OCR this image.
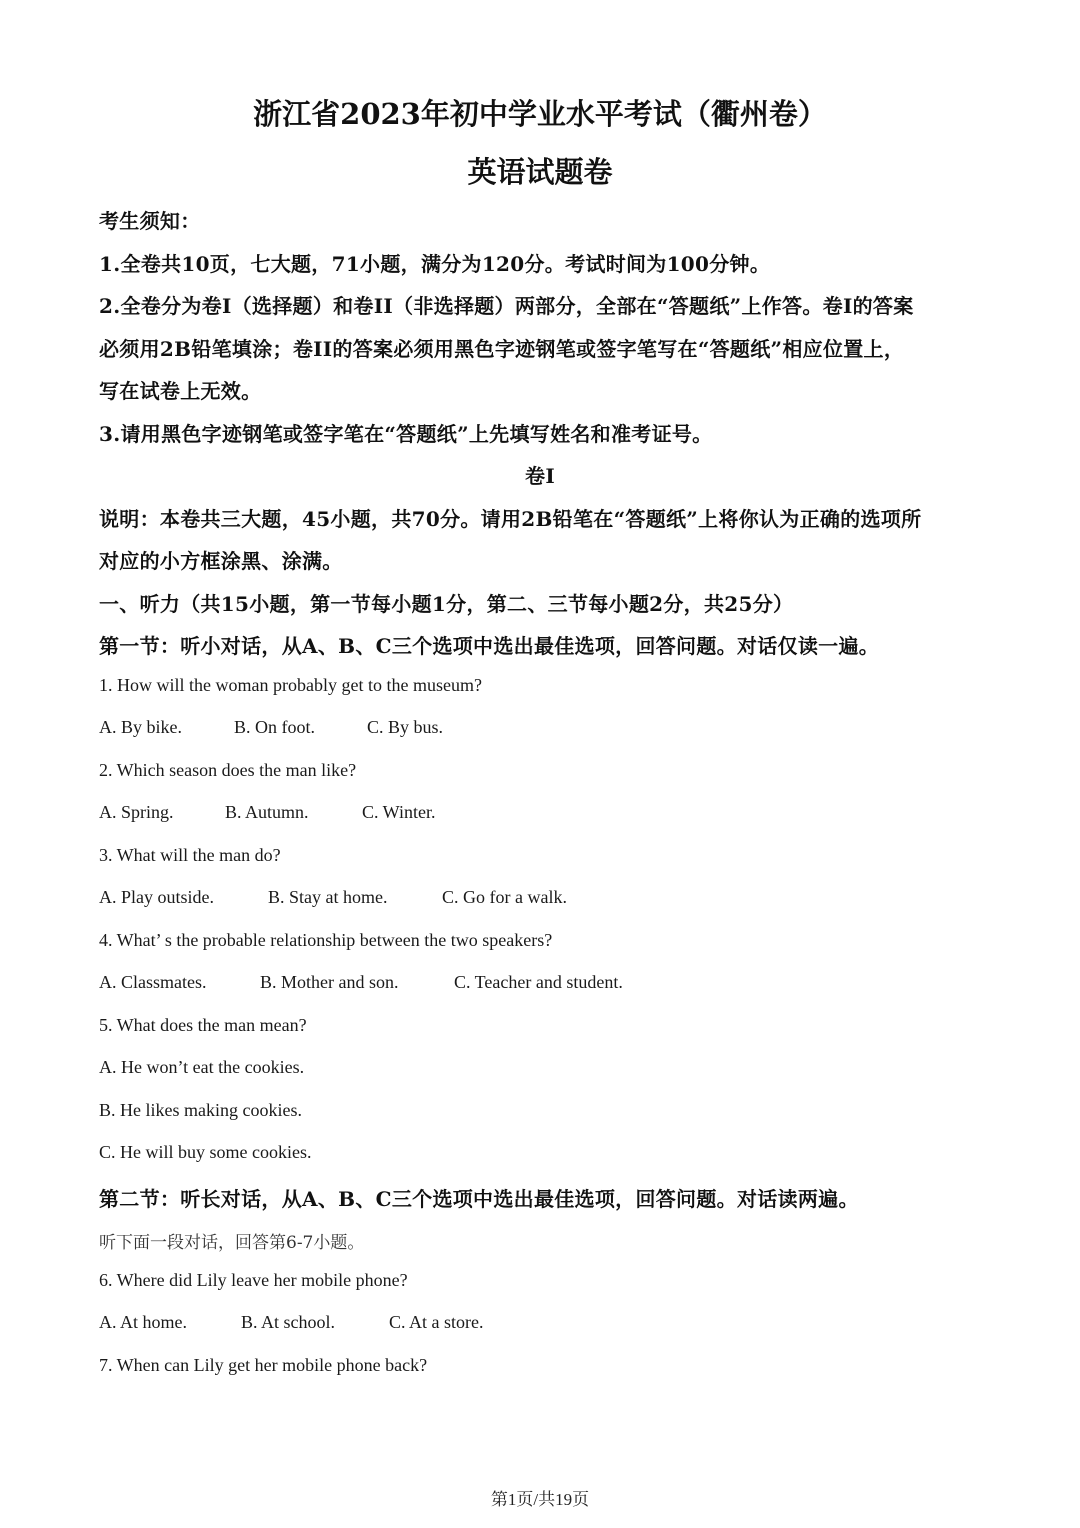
浙江省2023年初中学业水平考试（衢州卷）
英语试题卷
考生须知：
1.全卷共10页，七大题，71小题，满分为120分。考试时间为100分钟。
2.全卷分为卷I（选择题）和卷II（非选择题）两部分，全部在“答题纸”上作答。卷I的答案
必须用2B铅笔填涂；卷II的答案必须用黑色字迹钢笔或签字笔写在“答题纸”相应位置上，
写在试卷上无效。
3.请用黑色字迹钢笔或签字笔在“答题纸”上先填写姓名和准考证号。
卷I
说明：本卷共三大题，45小题，共70分。请用2B铅笔在“答题纸”上将你认为正确的选项所
对应的小方框涂黑、涂满。
一、听力（共15小题，第一节每小题1分，第二、三节每小题2分，共25分）
第一节：听小对话，从A、B、C三个选项中选出最佳选项，回答问题。对话仅读一遍。
1. How will the woman probably get to the museum?
A. By bike.	B. On foot.	C. By bus.
2. Which season does the man like?
A. Spring.	B. Autumn.	C. Winter.
3. What will the man do?
A. Play outside.	B. Stay at home.	C. Go for a walk.
4. What’ s the probable relationship between the two speakers?
A. Classmates.	B. Mother and son.	C. Teacher and student.
5. What does the man mean?
A. He won’t eat the cookies.
B. He likes making cookies.
C. He will buy some cookies.
第二节：听长对话，从A、B、C三个选项中选出最佳选项，回答问题。对话读两遍。
听下面一段对话，回答第6-7小题。
6. Where did Lily leave her mobile phone?
A. At home.	B. At school.	C. At a store.
7. When can Lily get her mobile phone back?
第1页/共19页
